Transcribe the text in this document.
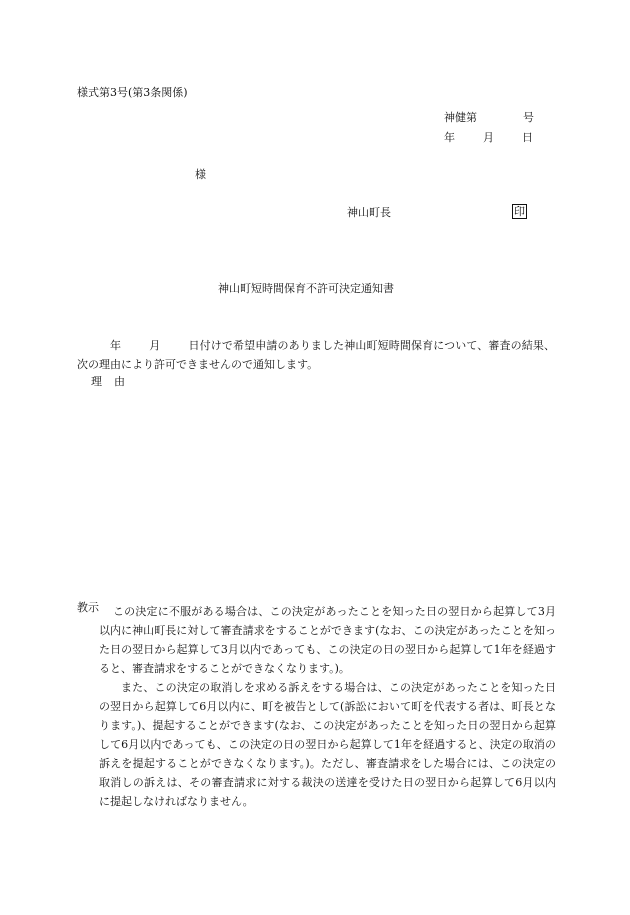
様式第3号(第3条関係)
神健第	号
年	月	日
様
神山町長	印
神山町短時間保育不許可決定通知書
年	月	日付けで希望申請のありました神山町短時間保育について、審査の結果、次の理由により許可できませんので通知します。
理 由
教示	この決定に不服がある場合は、この決定があったことを知った日の翌日から起算して3月以内に神山町長に対して審査請求をすることができます(なお、この決定があったことを知った日の翌日から起算して3月以内であっても、この決定の日の翌日から起算して1年を経過すると、審査請求をすることができなくなります。)。

また、この決定の取消しを求める訴えをする場合は、この決定があったことを知った日の翌日から起算して6月以内に、町を被告として(訴訟において町を代表する者は、町長となります。)、提起することができます(なお、この決定があったことを知った日の翌日から起算して6月以内であっても、この決定の日の翌日から起算して1年を経過すると、決定の取消の訴えを提起することができなくなります。)。ただし、審査請求をした場合には、この決定の取消しの訴えは、その審査請求に対する裁決の送達を受けた日の翌日から起算して6月以内に提起しなければなりません。
